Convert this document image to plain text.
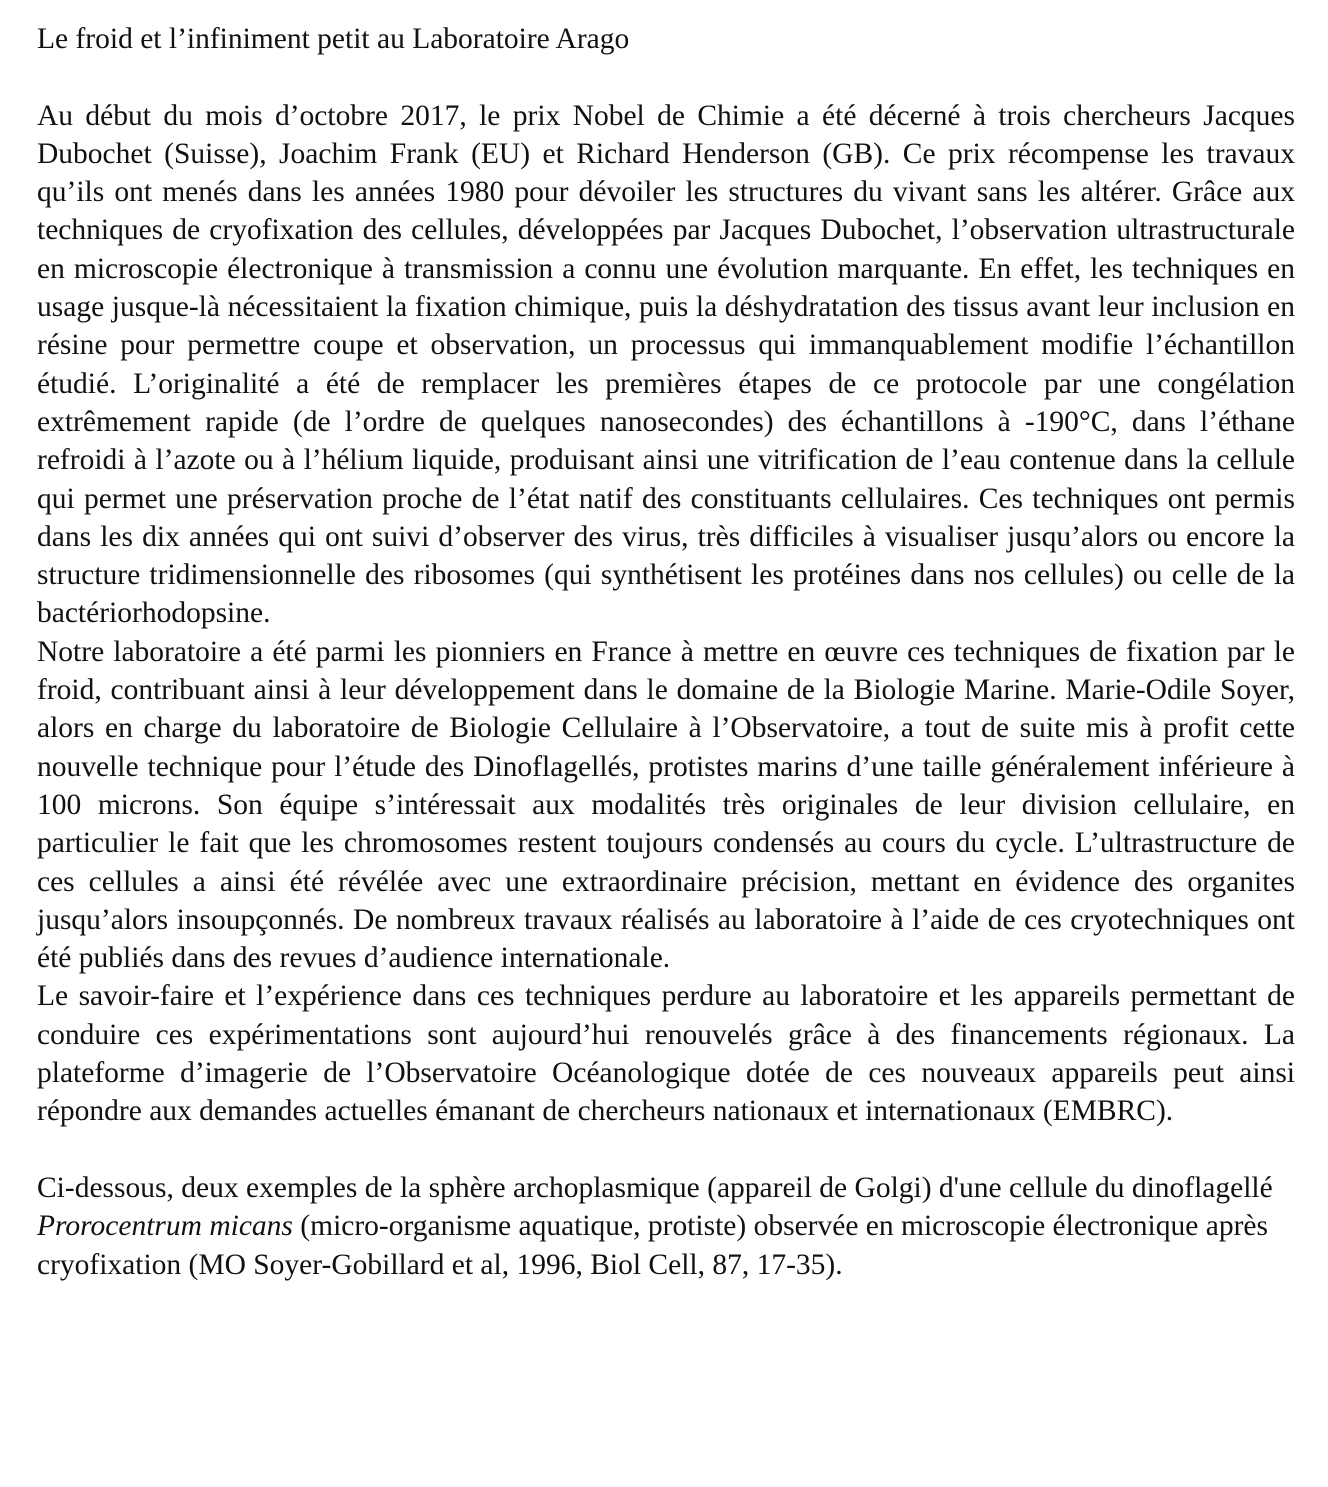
Le froid et l’infiniment petit au Laboratoire Arago

Au début du mois d’octobre 2017, le prix Nobel de Chimie a été décerné à trois chercheurs Jacques Dubochet (Suisse), Joachim Frank (EU) et Richard Henderson (GB). Ce prix récompense les travaux qu’ils ont menés dans les années 1980 pour dévoiler les structures du vivant sans les altérer. Grâce aux techniques de cryofixation des cellules, développées par Jacques Dubochet, l’observation ultrastructurale en microscopie électronique à transmission a connu une évolution marquante. En effet, les techniques en usage jusque-là nécessitaient la fixation chimique, puis la déshydratation des tissus avant leur inclusion en résine pour permettre coupe et observation, un processus qui immanquablement modifie l’échantillon étudié. L’originalité a été de remplacer les premières étapes de ce protocole par une congélation extrêmement rapide (de l’ordre de quelques nanosecondes) des échantillons à -190°C, dans l’éthane refroidi à l’azote ou à l’hélium liquide, produisant ainsi une vitrification de l’eau contenue dans la cellule qui permet une préservation proche de l’état natif des constituants cellulaires. Ces techniques ont permis dans les dix années qui ont suivi d’observer des virus, très difficiles à visualiser jusqu’alors ou encore la structure tridimensionnelle des ribosomes (qui synthétisent les protéines dans nos cellules) ou celle de la bactériorhodopsine.

Notre laboratoire a été parmi les pionniers en France à mettre en œuvre ces techniques de fixation par le froid, contribuant ainsi à leur développement dans le domaine de la Biologie Marine. Marie-Odile Soyer, alors en charge du laboratoire de Biologie Cellulaire à l’Observatoire, a tout de suite mis à profit cette nouvelle technique pour l’étude des Dinoflagellés, protistes marins d’une taille généralement inférieure à 100 microns. Son équipe s’intéressait aux modalités très originales de leur division cellulaire, en particulier le fait que les chromosomes restent toujours condensés au cours du cycle. L’ultrastructure de ces cellules a ainsi été révélée avec une extraordinaire précision, mettant en évidence des organites jusqu’alors insoupçonnés. De nombreux travaux réalisés au laboratoire à l’aide de ces cryotechniques ont été publiés dans des revues d’audience internationale.

Le savoir-faire et l’expérience dans ces techniques perdure au laboratoire et les appareils permettant de conduire ces expérimentations sont aujourd’hui renouvelés grâce à des financements régionaux. La plateforme d’imagerie de l’Observatoire Océanologique dotée de ces nouveaux appareils peut ainsi répondre aux demandes actuelles émanant de chercheurs nationaux et internationaux (EMBRC).

Ci-dessous, deux exemples de la sphère archoplasmique (appareil de Golgi) d'une cellule du dinoflagellé Prorocentrum micans (micro-organisme aquatique, protiste) observée en microscopie électronique après cryofixation (MO Soyer-Gobillard et al, 1996, Biol Cell, 87, 17-35).
